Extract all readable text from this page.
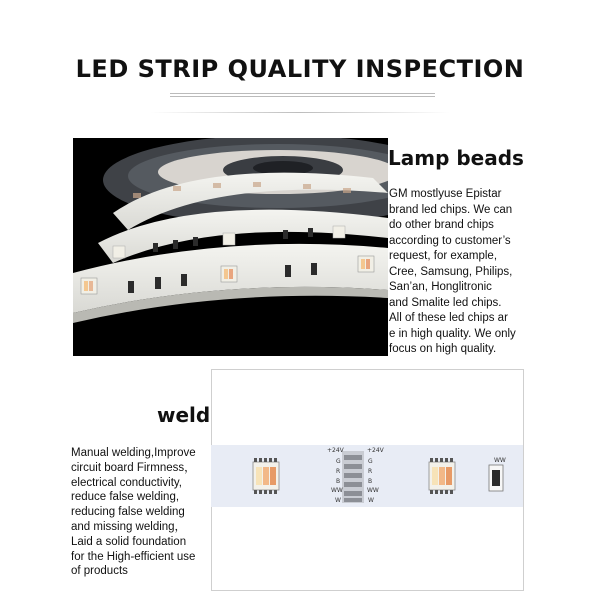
LED STRIP QUALITY INSPECTION
Lamp beads
GM mostlyuse Epistar
brand led chips. We can
do other brand chips
according to customer’s
request, for example,
Cree, Samsung, Philips,
San’an, Honglitronic
and Smalite led chips.
All of these led chips ar
e in high quality. We only
focus on high quality.
weld
+24V
G
R
B
WW
W
+24V
G
R
B
WW
W
WW
Manual welding,Improve
circuit board Firmness，
electrical conductivity,
reduce false welding,
reducing false welding
and missing welding，
Laid a solid foundation
for the High-efficient use
of products
